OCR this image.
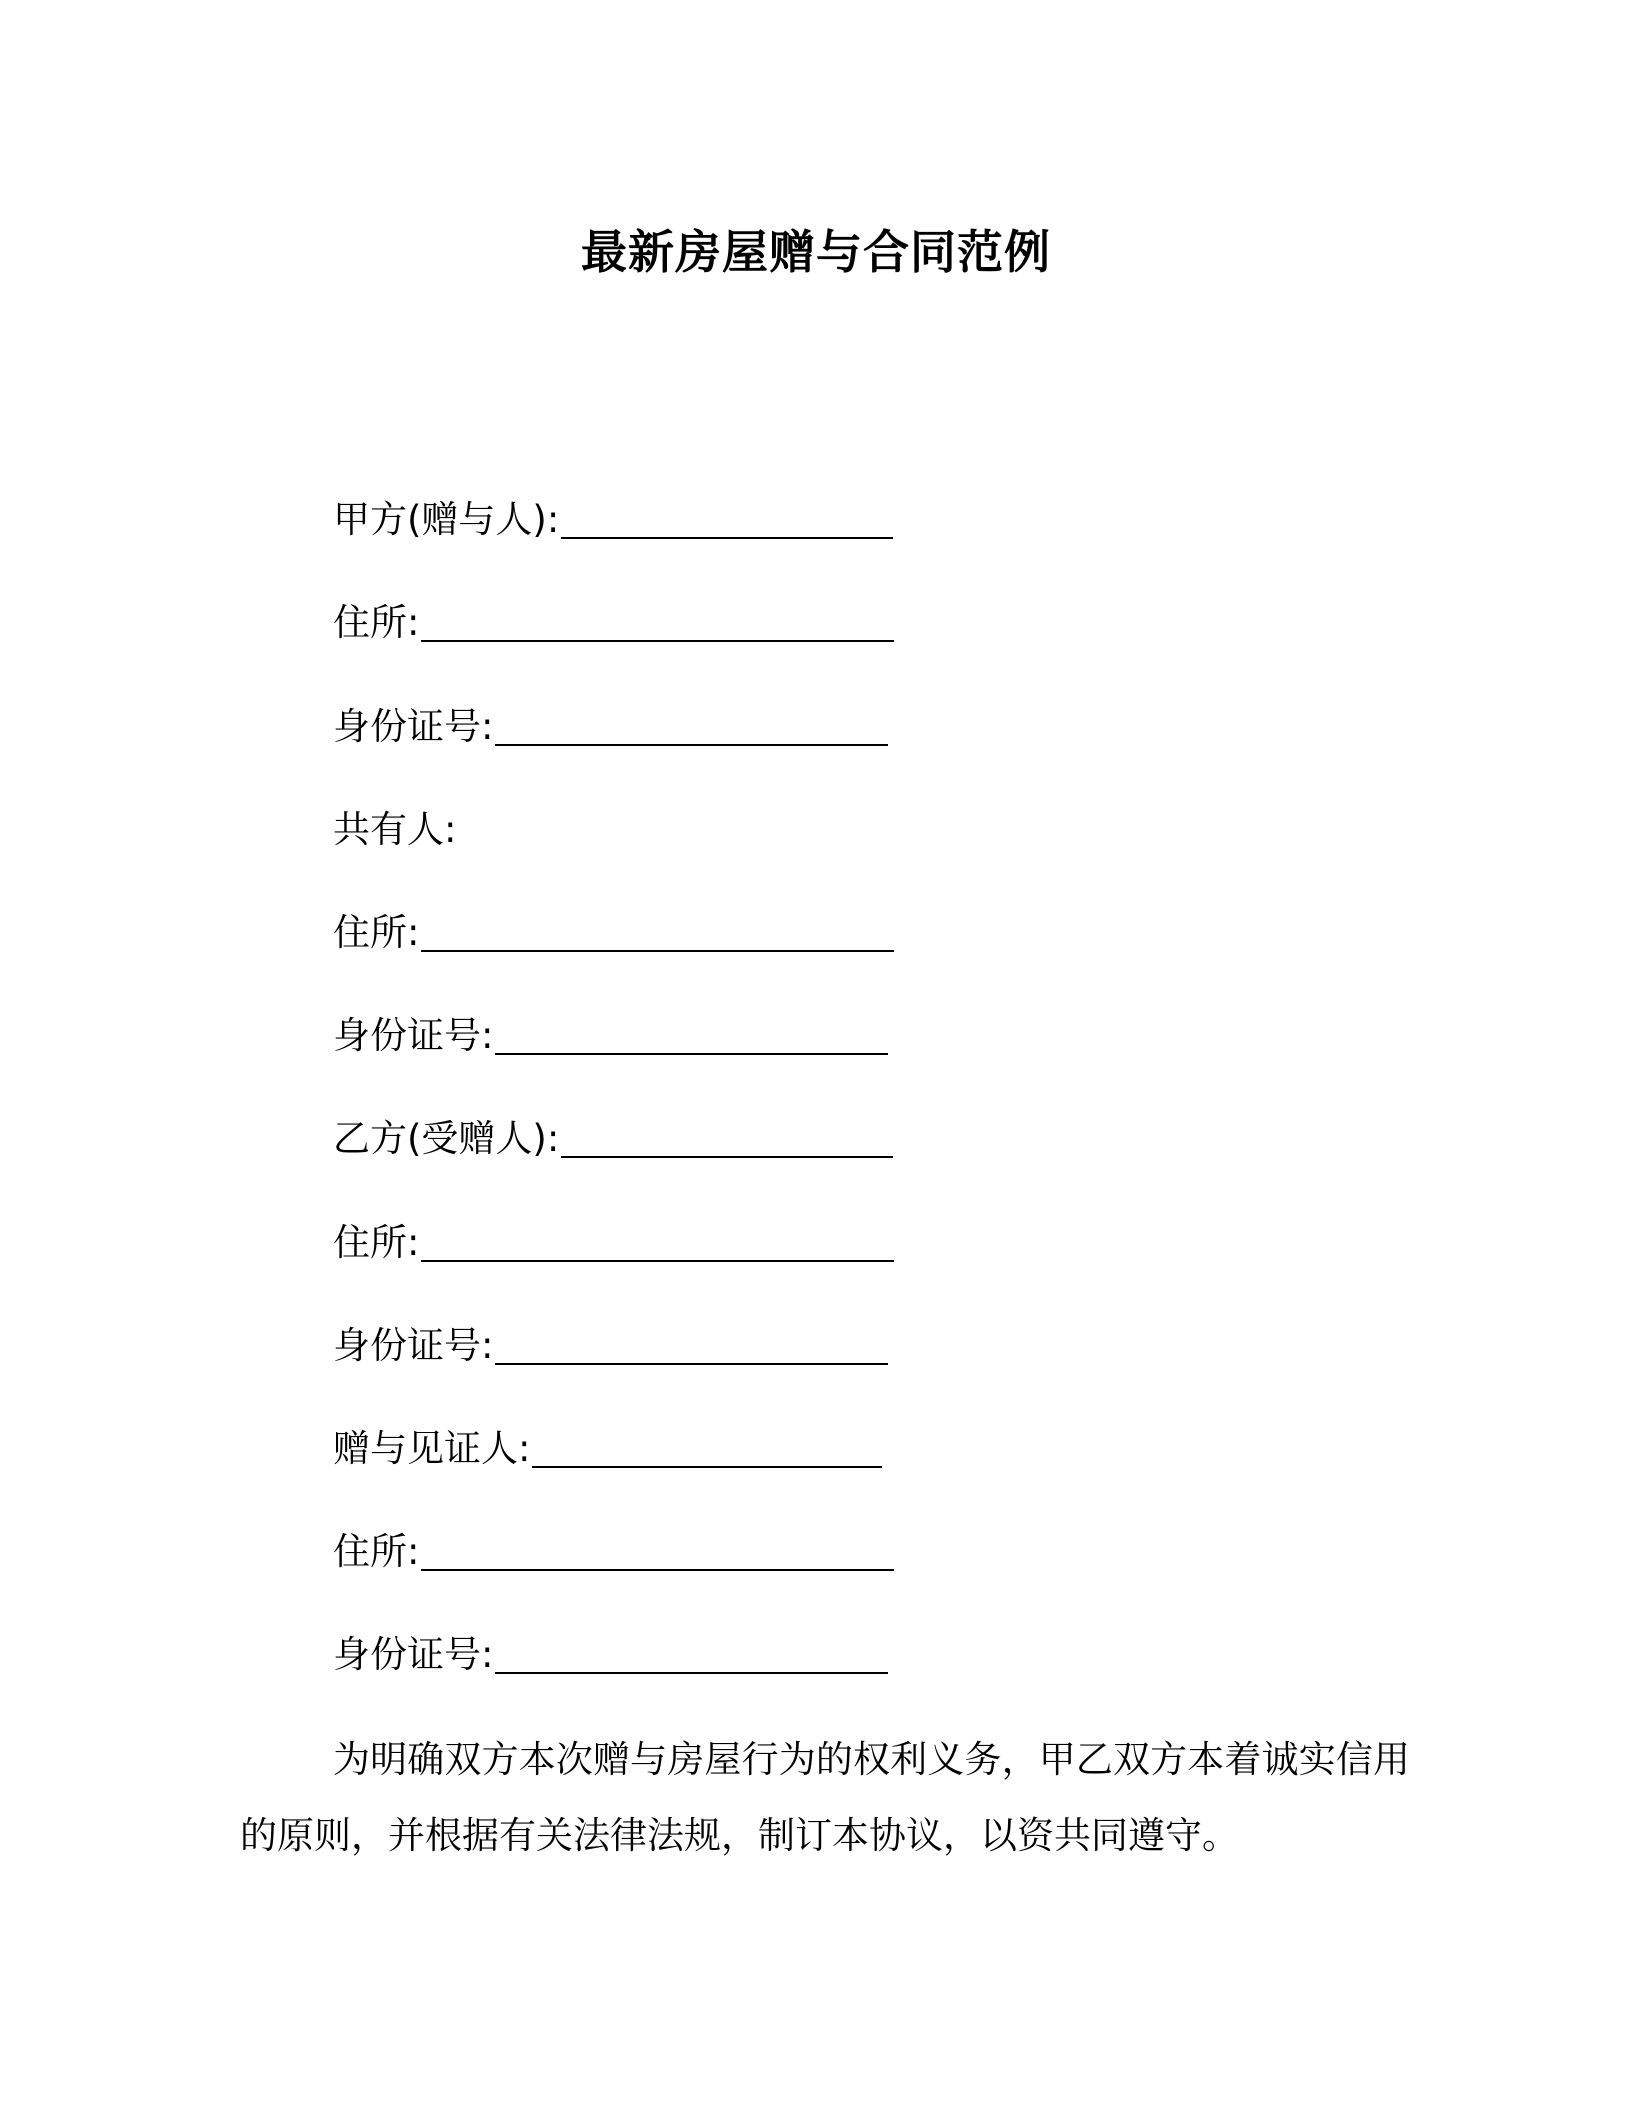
最新房屋赠与合同范例
甲方(赠与人):
住所:
身份证号:
共有人:
住所:
身份证号:
乙方(受赠人):
住所:
身份证号:
赠与见证人:
住所:
身份证号:
为明确双方本次赠与房屋行为的权利义务，甲乙双方本着诚实信用的原则，并根据有关法律法规，制订本协议，以资共同遵守。
